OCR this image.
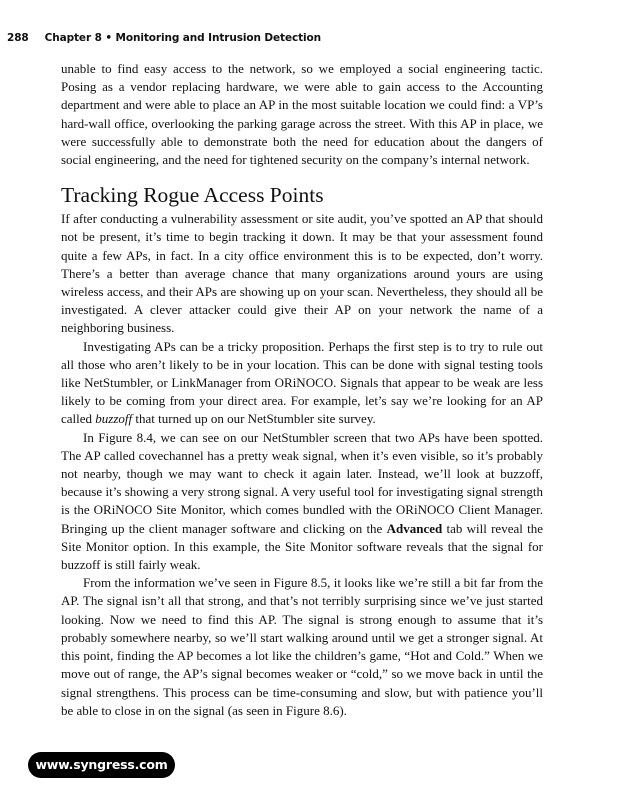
288 Chapter 8 • Monitoring and Intrusion Detection

unable to find easy access to the network, so we employed a social engineering tactic. Posing as a vendor replacing hardware, we were able to gain access to the Accounting department and were able to place an AP in the most suitable location we could find: a VP’s hard-wall office, overlooking the parking garage across the street. With this AP in place, we were successfully able to demonstrate both the need for education about the dangers of social engineering, and the need for tightened security on the company’s internal network.

Tracking Rogue Access Points

If after conducting a vulnerability assessment or site audit, you’ve spotted an AP that should not be present, it’s time to begin tracking it down. It may be that your assessment found quite a few APs, in fact. In a city office environment this is to be expected, don’t worry. There’s a better than average chance that many organizations around yours are using wireless access, and their APs are showing up on your scan. Nevertheless, they should all be investigated. A clever attacker could give their AP on your network the name of a neighboring business.

Investigating APs can be a tricky proposition. Perhaps the first step is to try to rule out all those who aren’t likely to be in your location. This can be done with signal testing tools like NetStumbler, or LinkManager from ORiNOCO. Signals that appear to be weak are less likely to be coming from your direct area. For example, let’s say we’re looking for an AP called buzzoff that turned up on our NetStumbler site survey.

In Figure 8.4, we can see on our NetStumbler screen that two APs have been spotted. The AP called covechannel has a pretty weak signal, when it’s even visible, so it’s probably not nearby, though we may want to check it again later. Instead, we’ll look at buzzoff, because it’s showing a very strong signal. A very useful tool for investigating signal strength is the ORiNOCO Site Monitor, which comes bundled with the ORiNOCO Client Manager. Bringing up the client manager software and clicking on the Advanced tab will reveal the Site Monitor option. In this example, the Site Monitor software reveals that the signal for buzzoff is still fairly weak.

From the information we’ve seen in Figure 8.5, it looks like we’re still a bit far from the AP. The signal isn’t all that strong, and that’s not terribly surprising since we’ve just started looking. Now we need to find this AP. The signal is strong enough to assume that it’s probably somewhere nearby, so we’ll start walking around until we get a stronger signal. At this point, finding the AP becomes a lot like the children’s game, “Hot and Cold.” When we move out of range, the AP’s signal becomes weaker or “cold,” so we move back in until the signal strengthens. This process can be time-consuming and slow, but with patience you’ll be able to close in on the signal (as seen in Figure 8.6).

www.syngress.com
